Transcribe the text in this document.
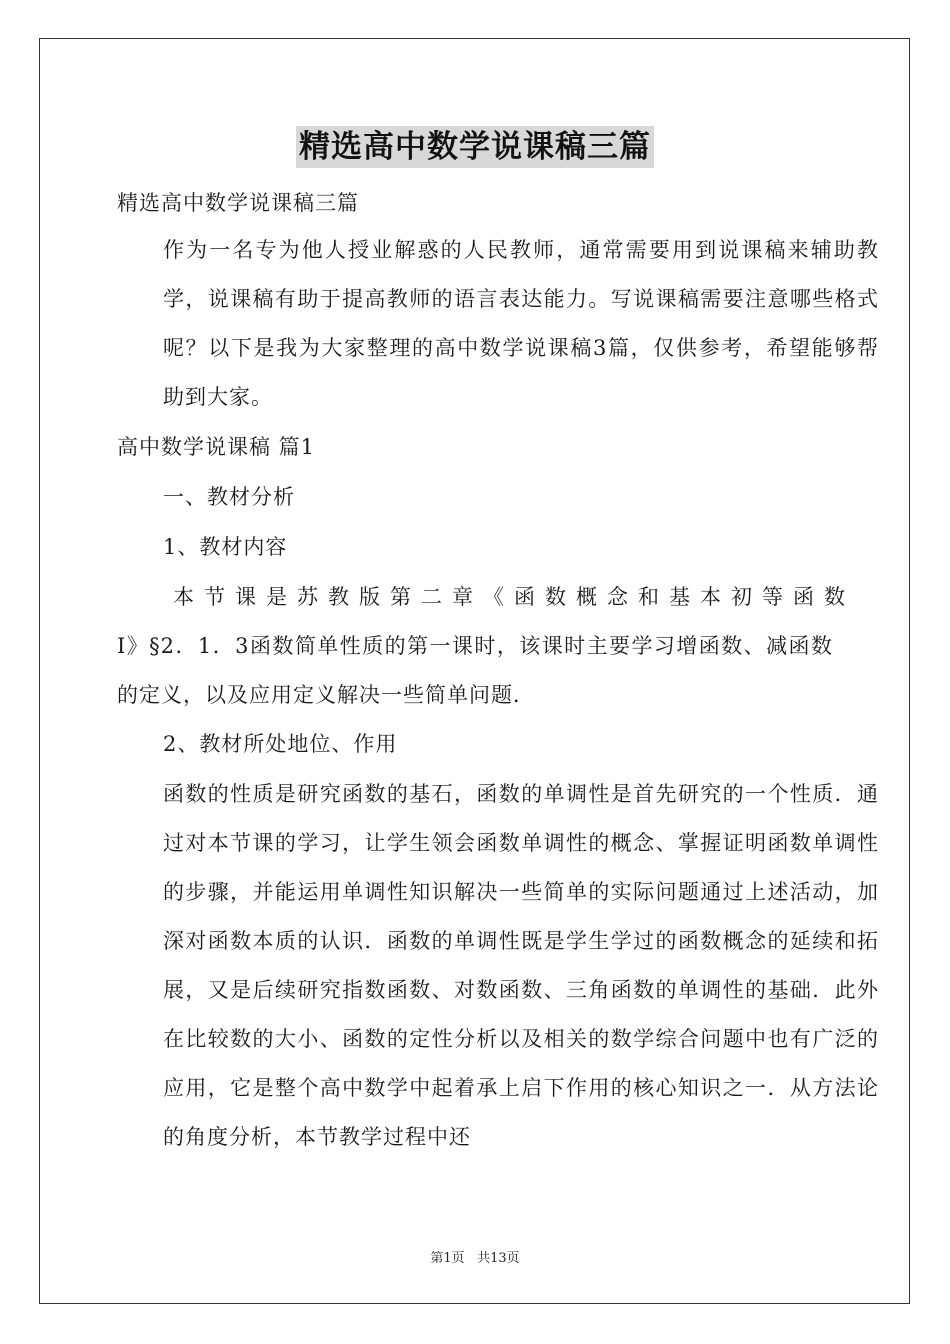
精选高中数学说课稿三篇

精选高中数学说课稿三篇

作为一名专为他人授业解惑的人民教师，通常需要用到说课稿来辅助教学，说课稿有助于提高教师的语言表达能力。写说课稿需要注意哪些格式呢？以下是我为大家整理的高中数学说课稿3篇，仅供参考，希望能够帮助到大家。

高中数学说课稿 篇1

一、教材分析

1、教材内容

本节课是苏教版第二章《函数概念和基本初等函数

Ⅰ》§2．1．3函数简单性质的第一课时，该课时主要学习增函数、减函数的定义，以及应用定义解决一些简单问题．

2、教材所处地位、作用

函数的性质是研究函数的基石，函数的单调性是首先研究的一个性质．通过对本节课的学习，让学生领会函数单调性的概念、掌握证明函数单调性的步骤，并能运用单调性知识解决一些简单的实际问题通过上述活动，加深对函数本质的认识．函数的单调性既是学生学过的函数概念的延续和拓展，又是后续研究指数函数、对数函数、三角函数的单调性的基础．此外在比较数的大小、函数的定性分析以及相关的数学综合问题中也有广泛的应用，它是整个高中数学中起着承上启下作用的核心知识之一．从方法论的角度分析，本节教学过程中还

第1页 共13页
